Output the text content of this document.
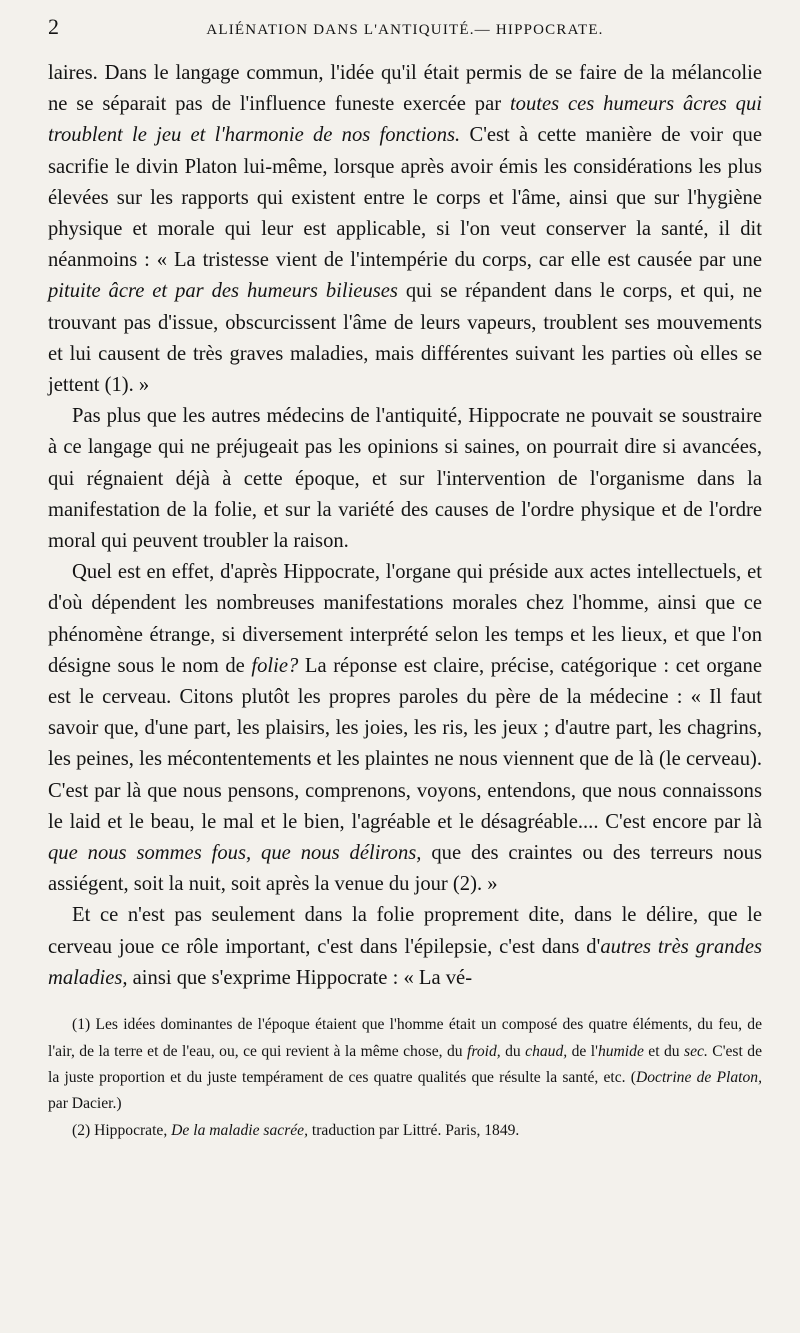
2	ALIÉNATION DANS L'ANTIQUITÉ.— HIPPOCRATE.

laires. Dans le langage commun, l'idée qu'il était permis de se faire de la mélancolie ne se séparait pas de l'influence funeste exercée par toutes ces humeurs âcres qui troublent le jeu et l'harmonie de nos fonctions. C'est à cette manière de voir que sacrifie le divin Platon lui-même, lorsque après avoir émis les considérations les plus élevées sur les rapports qui existent entre le corps et l'âme, ainsi que sur l'hygiène physique et morale qui leur est applicable, si l'on veut conserver la santé, il dit néanmoins : « La tristesse vient de l'intempérie du corps, car elle est causée par une pituite âcre et par des humeurs bilieuses qui se répandent dans le corps, et qui, ne trouvant pas d'issue, obscurcissent l'âme de leurs vapeurs, troublent ses mouvements et lui causent de très graves maladies, mais différentes suivant les parties où elles se jettent (1). »

Pas plus que les autres médecins de l'antiquité, Hippocrate ne pouvait se soustraire à ce langage qui ne préjugeait pas les opinions si saines, on pourrait dire si avancées, qui régnaient déjà à cette époque, et sur l'intervention de l'organisme dans la manifestation de la folie, et sur la variété des causes de l'ordre physique et de l'ordre moral qui peuvent troubler la raison.

Quel est en effet, d'après Hippocrate, l'organe qui préside aux actes intellectuels, et d'où dépendent les nombreuses manifestations morales chez l'homme, ainsi que ce phénomène étrange, si diversement interprété selon les temps et les lieux, et que l'on désigne sous le nom de folie? La réponse est claire, précise, catégorique : cet organe est le cerveau. Citons plutôt les propres paroles du père de la médecine : « Il faut savoir que, d'une part, les plaisirs, les joies, les ris, les jeux ; d'autre part, les chagrins, les peines, les mécontentements et les plaintes ne nous viennent que de là (le cerveau). C'est par là que nous pensons, comprenons, voyons, entendons, que nous connaissons le laid et le beau, le mal et le bien, l'agréable et le désagréable.... C'est encore par là que nous sommes fous, que nous délirons, que des craintes ou des terreurs nous assiégent, soit la nuit, soit après la venue du jour (2). »

Et ce n'est pas seulement dans la folie proprement dite, dans le délire, que le cerveau joue ce rôle important, c'est dans l'épilepsie, c'est dans d'autres très grandes maladies, ainsi que s'exprime Hippocrate : « La vé-

(1) Les idées dominantes de l'époque étaient que l'homme était un composé des quatre éléments, du feu, de l'air, de la terre et de l'eau, ou, ce qui revient à la même chose, du froid, du chaud, de l'humide et du sec. C'est de la juste proportion et du juste tempérament de ces quatre qualités que résulte la santé, etc. (Doctrine de Platon, par Dacier.)

(2) Hippocrate, De la maladie sacrée, traduction par Littré. Paris, 1849.
